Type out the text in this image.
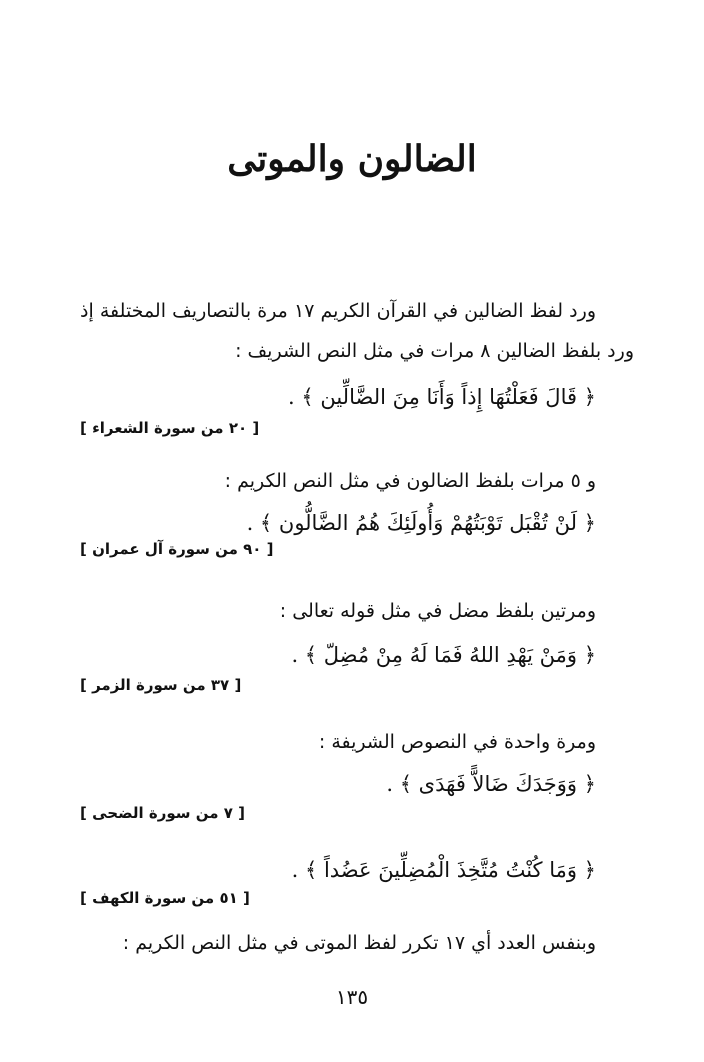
الضالون والموتى
ورد لفظ الضالين في القرآن الكريم ١٧ مرة بالتصاريف المختلفة إذ
ورد بلفظ الضالين ٨ مرات في مثل النص الشريف :
﴿ قَالَ فَعَلْتُهَا إِذاً وَأَنَا مِنَ الضَّالِّين ﴾ .
[ ٢٠ من سورة الشعراء ]
و ٥ مرات بلفظ الضالون في مثل النص الكريم :
﴿ لَنْ تُقْبَل تَوْبَتُهُمْ وَأُولَئِكَ هُمُ الضَّالُّون ﴾ .
[ ٩٠ من سورة آل عمران ]
ومرتين بلفظ مضل في مثل قوله تعالى :
﴿ وَمَنْ يَهْدِ اللهُ فَمَا لَهُ مِنْ مُضِلّ ﴾ .
[ ٣٧ من سورة الزمر ]
ومرة واحدة في النصوص الشريفة :
﴿ وَوَجَدَكَ ضَالاًّ فَهَدَى ﴾ .
[ ٧ من سورة الضحى ]
﴿ وَمَا كُنْتُ مُتَّخِذَ الْمُضِلِّينَ عَضُداً ﴾ .
[ ٥١ من سورة الكهف ]
وبنفس العدد أي ١٧ تكرر لفظ الموتى في مثل النص الكريم :
١٣٥
